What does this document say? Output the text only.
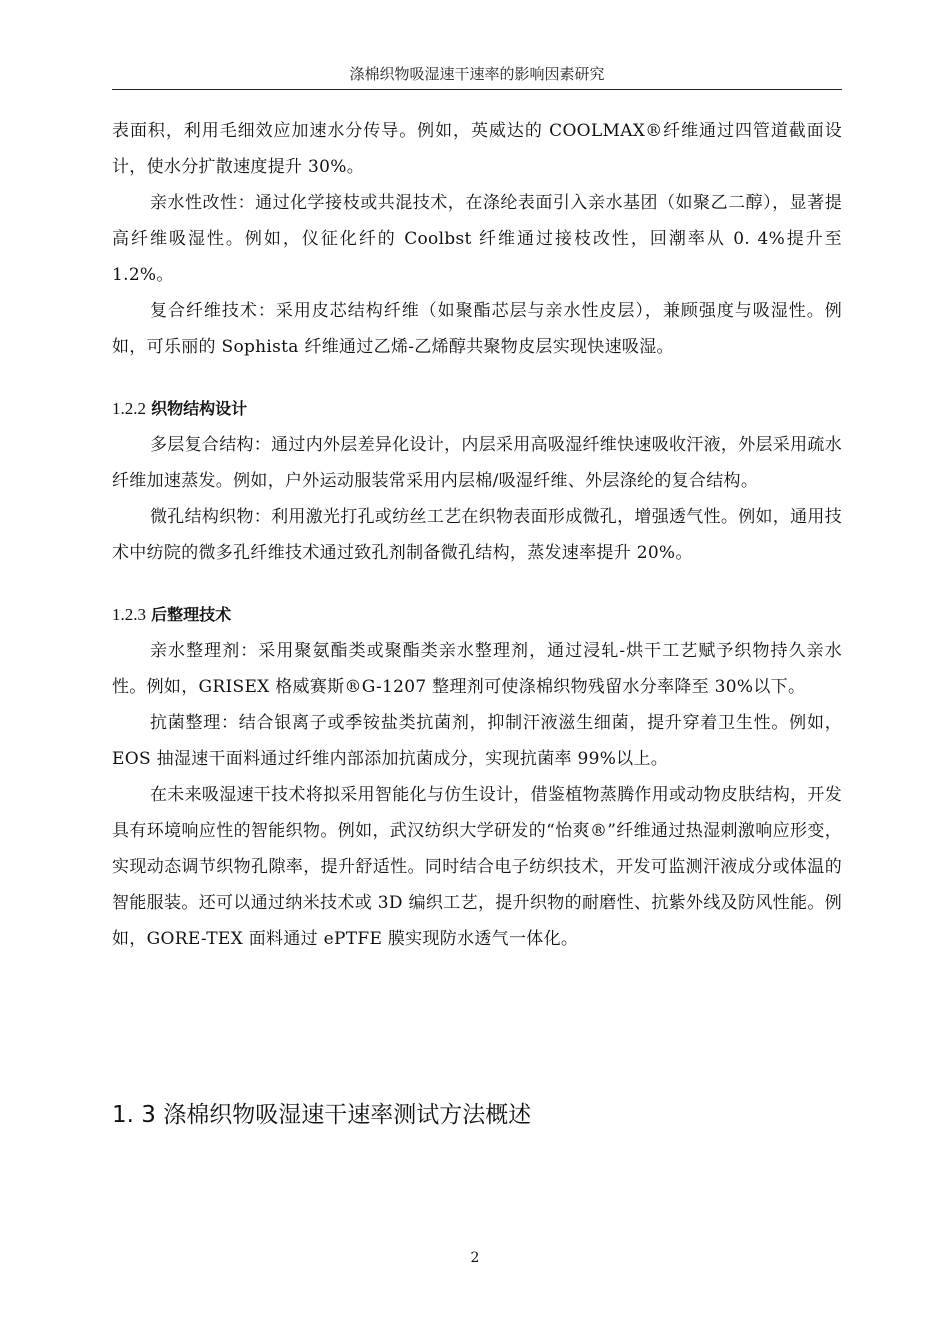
涤棉织物吸湿速干速率的影响因素研究

表面积，利用毛细效应加速水分传导。例如，英威达的 COOLMAX®纤维通过四管道截面设计，使水分扩散速度提升 30%。

亲水性改性：通过化学接枝或共混技术，在涤纶表面引入亲水基团（如聚乙二醇），显著提高纤维吸湿性。例如，仪征化纤的 Coolbst 纤维通过接枝改性，回潮率从 0. 4%提升至 1.2%。

复合纤维技术：采用皮芯结构纤维（如聚酯芯层与亲水性皮层），兼顾强度与吸湿性。例如，可乐丽的 Sophista 纤维通过乙烯-乙烯醇共聚物皮层实现快速吸湿。

1.2.2 织物结构设计

多层复合结构：通过内外层差异化设计，内层采用高吸湿纤维快速吸收汗液，外层采用疏水纤维加速蒸发。例如，户外运动服装常采用内层棉/吸湿纤维、外层涤纶的复合结构。

微孔结构织物：利用激光打孔或纺丝工艺在织物表面形成微孔，增强透气性。例如，通用技术中纺院的微多孔纤维技术通过致孔剂制备微孔结构，蒸发速率提升 20%。

1.2.3 后整理技术

亲水整理剂：采用聚氨酯类或聚酯类亲水整理剂，通过浸轧-烘干工艺赋予织物持久亲水性。例如，GRISEX 格威赛斯®G-1207 整理剂可使涤棉织物残留水分率降至 30%以下。

抗菌整理：结合银离子或季铵盐类抗菌剂，抑制汗液滋生细菌，提升穿着卫生性。例如，EOS 抽湿速干面料通过纤维内部添加抗菌成分，实现抗菌率 99%以上。

在未来吸湿速干技术将拟采用智能化与仿生设计，借鉴植物蒸腾作用或动物皮肤结构，开发具有环境响应性的智能织物。例如，武汉纺织大学研发的“怡爽®”纤维通过热湿刺激响应形变，实现动态调节织物孔隙率，提升舒适性。同时结合电子纺织技术，开发可监测汗液成分或体温的智能服装。还可以通过纳米技术或 3D 编织工艺，提升织物的耐磨性、抗紫外线及防风性能。例如，GORE-TEX 面料通过 ePTFE 膜实现防水透气一体化。

1. 3 涤棉织物吸湿速干速率测试方法概述
2
